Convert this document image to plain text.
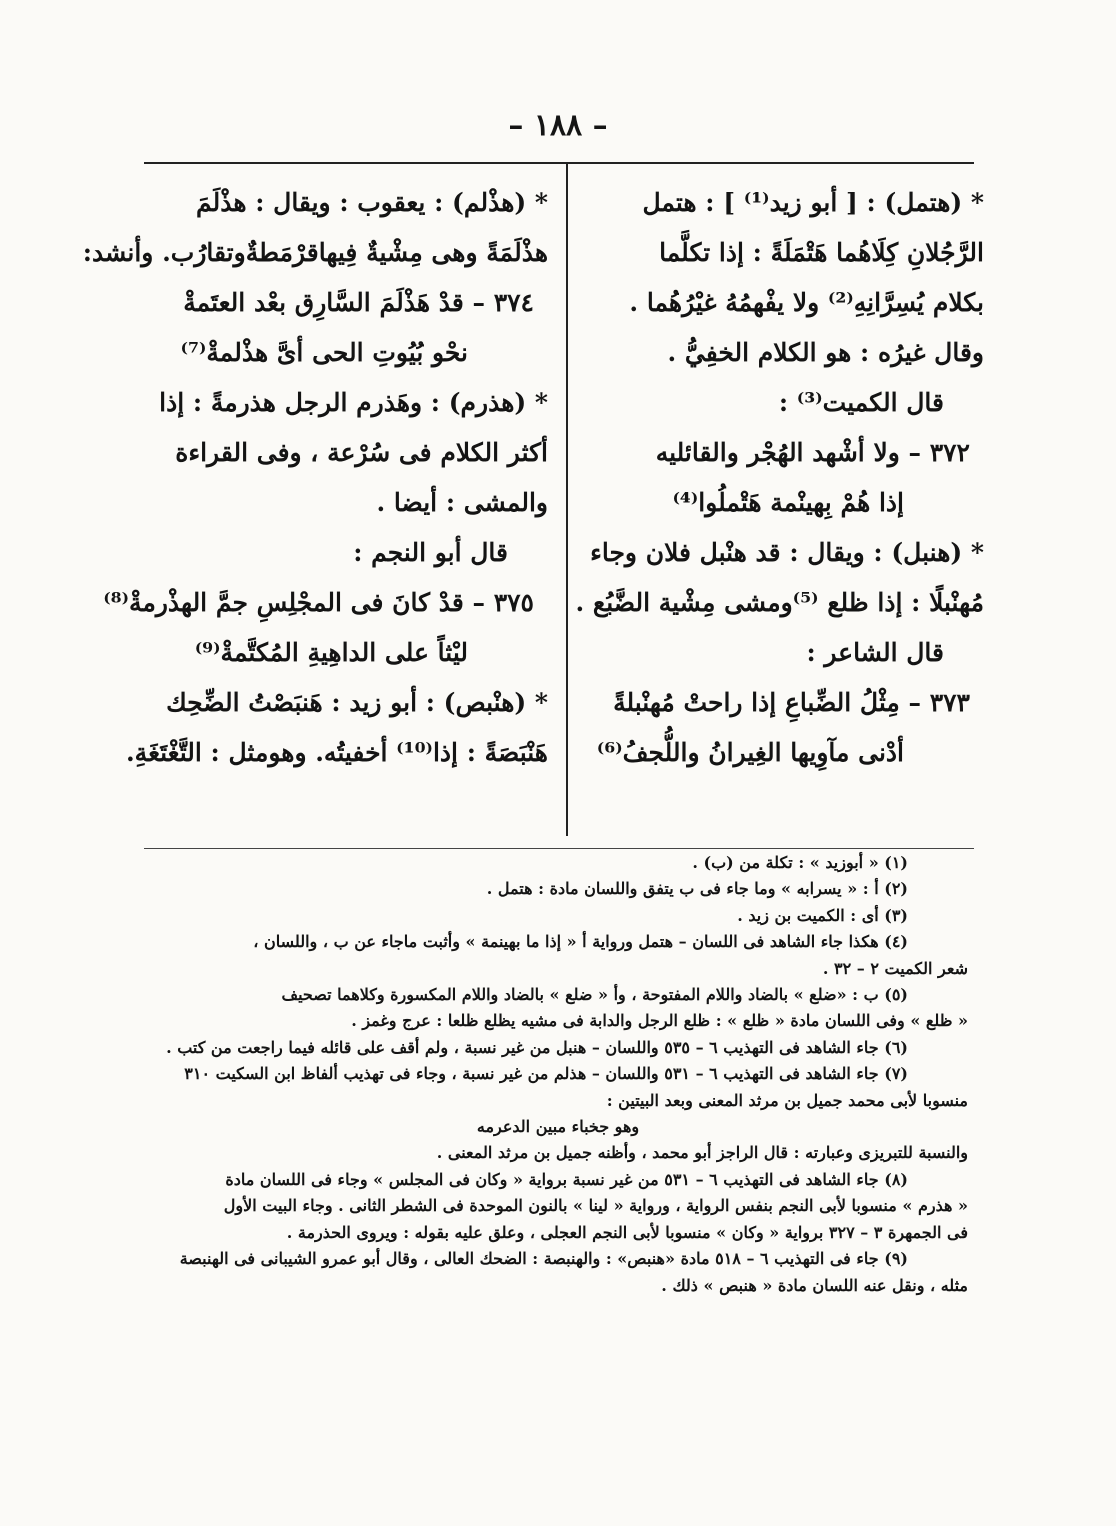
– ١٨٨ –

* (هتمل) : [ أبو زيد⁽¹⁾ ] : هتمل

الرَّجُلانِ كِلَاهُما هَتْمَلَةً : إذا تكلَّما

بكلام يُسِرَّانِهِ⁽²⁾ ولا يفْهمُهُ غيْرُهُما .

وقال غيرُه : هو الكلام الخفِيُّ .

قال الكميت⁽³⁾ :

٣٧٢ – ولا أشْهد الهُجْر والقائليه

إذا هُمْ بِهينْمة هَتْملُوا⁽⁴⁾

* (هنبل) : ويقال : قد هنْبل فلان وجاء

مُهنْبلًا : إذا ظلع ⁽⁵⁾ومشى مِشْية الضَّبُع .

قال الشاعر :

٣٧٣ – مِثْلُ الضِّباعِ إذا راحتْ مُهنْبلةً

أدْنى مآوِيها الغِيرانُ واللُّجفُ⁽⁶⁾

* (هذْلم) : يعقوب : ويقال : هذْلَمَ

هذْلَمَةً وهى مِشْيةٌ فِيهاقرْمَطةٌوتقارُب. وأنشد:

٣٧٤ – قدْ هَذْلَمَ السَّارِق بعْد العتَمةْ

نحْو بُيُوتِ الحى أىَّ هذْلمةْ⁽⁷⁾

* (هذرم) : وهَذرم الرجل هذرمةً : إذا

أكثر الكلام فى سُرْعة ، وفى القراءة

والمشى : أيضا .

قال أبو النجم :

٣٧٥ – قدْ كانَ فى المجْلِسِ جمَّ الهذْرمةْ⁽⁸⁾

ليْثاً على الداهِيةِ المُكتَّمةْ⁽⁹⁾

* (هنْبص) : أبو زيد : هَنبَصْتُ الضِّحِك

هَنْبَصَةً : إذا⁽¹⁰⁾ أخفيتُه. وهومثل : التَّغْتَغَةِ.

(١) « أبوزيد » : تكلة من (ب) .

(٢) أ : « يسرابه » وما جاء فى ب يتفق واللسان مادة : هتمل .

(٣) أى : الكميت بن زيد .

(٤) هكذا جاء الشاهد فى اللسان – هتمل ورواية أ « إذا ما بهينمة » وأثبت ماجاء عن ب ، واللسان ،

شعر الكميت ٢ – ٣٢ .

(٥) ب : «ضلع » بالضاد واللام المفتوحة ، وأ « ضلع » بالضاد واللام المكسورة وكلاهما تصحيف

« ظلع » وفى اللسان مادة « ظلع » : ظلع الرجل والدابة فى مشيه يظلع ظلعا : عرج وغمز .

(٦) جاء الشاهد فى التهذيب ٦ – ٥٣٥ واللسان – هنبل من غير نسبة ، ولم أقف على قائله فيما راجعت من كتب .

(٧) جاء الشاهد فى التهذيب ٦ – ٥٣١ واللسان – هذلم من غير نسبة ، وجاء فى تهذيب ألفاظ ابن السكيت ٣١٠

منسوبا لأبى محمد جميل بن مرثد المعنى وبعد البيتين :

وهو جخباء مبين الدعرمه

والنسبة للتبريزى وعبارته : قال الراجز أبو محمد ، وأظنه جميل بن مرثد المعنى .

(٨) جاء الشاهد فى التهذيب ٦ – ٥٣١ من غير نسبة برواية « وكان فى المجلس » وجاء فى اللسان مادة

« هذرم » منسوبا لأبى النجم بنفس الرواية ، ورواية « لينا » بالنون الموحدة فى الشطر الثانى . وجاء البيت الأول

فى الجمهرة ٣ – ٣٢٧ برواية « وكان » منسوبا لأبى النجم العجلى ، وعلق عليه بقوله : ويروى الحذرمة .

(٩) جاء فى التهذيب ٦ – ٥١٨ مادة «هنبص» : والهنبصة : الضحك العالى ، وقال أبو عمرو الشيبانى فى الهنبصة

مثله ، ونقل عنه اللسان مادة « هنبص » ذلك .
